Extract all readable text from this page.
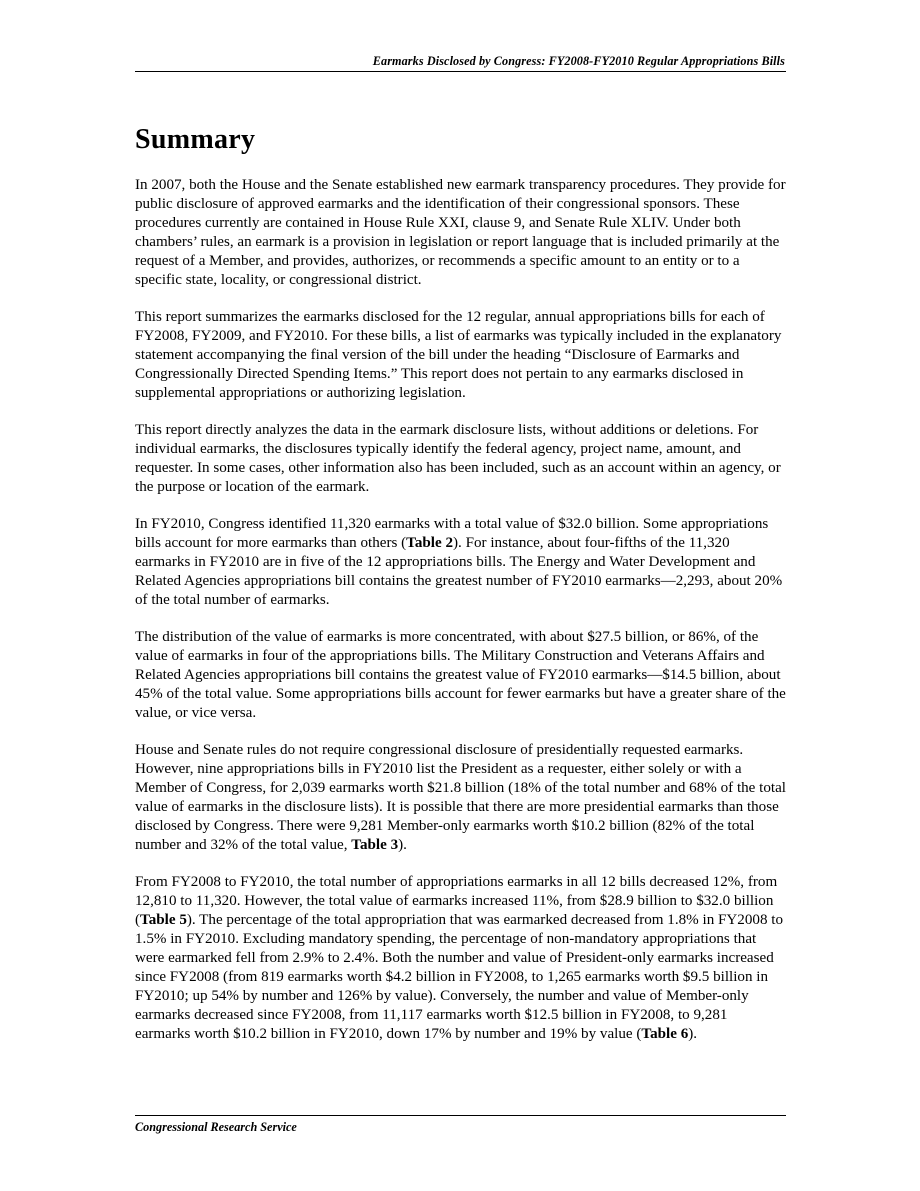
Earmarks Disclosed by Congress: FY2008-FY2010 Regular Appropriations Bills
Summary

In 2007, both the House and the Senate established new earmark transparency procedures. They provide for public disclosure of approved earmarks and the identification of their congressional sponsors. These procedures currently are contained in House Rule XXI, clause 9, and Senate Rule XLIV. Under both chambers’ rules, an earmark is a provision in legislation or report language that is included primarily at the request of a Member, and provides, authorizes, or recommends a specific amount to an entity or to a specific state, locality, or congressional district.

This report summarizes the earmarks disclosed for the 12 regular, annual appropriations bills for each of FY2008, FY2009, and FY2010. For these bills, a list of earmarks was typically included in the explanatory statement accompanying the final version of the bill under the heading “Disclosure of Earmarks and Congressionally Directed Spending Items.” This report does not pertain to any earmarks disclosed in supplemental appropriations or authorizing legislation.

This report directly analyzes the data in the earmark disclosure lists, without additions or deletions. For individual earmarks, the disclosures typically identify the federal agency, project name, amount, and requester. In some cases, other information also has been included, such as an account within an agency, or the purpose or location of the earmark.

In FY2010, Congress identified 11,320 earmarks with a total value of $32.0 billion. Some appropriations bills account for more earmarks than others (Table 2). For instance, about four-fifths of the 11,320 earmarks in FY2010 are in five of the 12 appropriations bills. The Energy and Water Development and Related Agencies appropriations bill contains the greatest number of FY2010 earmarks—2,293, about 20% of the total number of earmarks.

The distribution of the value of earmarks is more concentrated, with about $27.5 billion, or 86%, of the value of earmarks in four of the appropriations bills. The Military Construction and Veterans Affairs and Related Agencies appropriations bill contains the greatest value of FY2010 earmarks—$14.5 billion, about 45% of the total value. Some appropriations bills account for fewer earmarks but have a greater share of the value, or vice versa.

House and Senate rules do not require congressional disclosure of presidentially requested earmarks. However, nine appropriations bills in FY2010 list the President as a requester, either solely or with a Member of Congress, for 2,039 earmarks worth $21.8 billion (18% of the total number and 68% of the total value of earmarks in the disclosure lists). It is possible that there are more presidential earmarks than those disclosed by Congress. There were 9,281 Member-only earmarks worth $10.2 billion (82% of the total number and 32% of the total value, Table 3).

From FY2008 to FY2010, the total number of appropriations earmarks in all 12 bills decreased 12%, from 12,810 to 11,320. However, the total value of earmarks increased 11%, from $28.9 billion to $32.0 billion (Table 5). The percentage of the total appropriation that was earmarked decreased from 1.8% in FY2008 to 1.5% in FY2010. Excluding mandatory spending, the percentage of non-mandatory appropriations that were earmarked fell from 2.9% to 2.4%. Both the number and value of President-only earmarks increased since FY2008 (from 819 earmarks worth $4.2 billion in FY2008, to 1,265 earmarks worth $9.5 billion in FY2010; up 54% by number and 126% by value). Conversely, the number and value of Member-only earmarks decreased since FY2008, from 11,117 earmarks worth $12.5 billion in FY2008, to 9,281 earmarks worth $10.2 billion in FY2010, down 17% by number and 19% by value (Table 6).

Congressional Research Service
